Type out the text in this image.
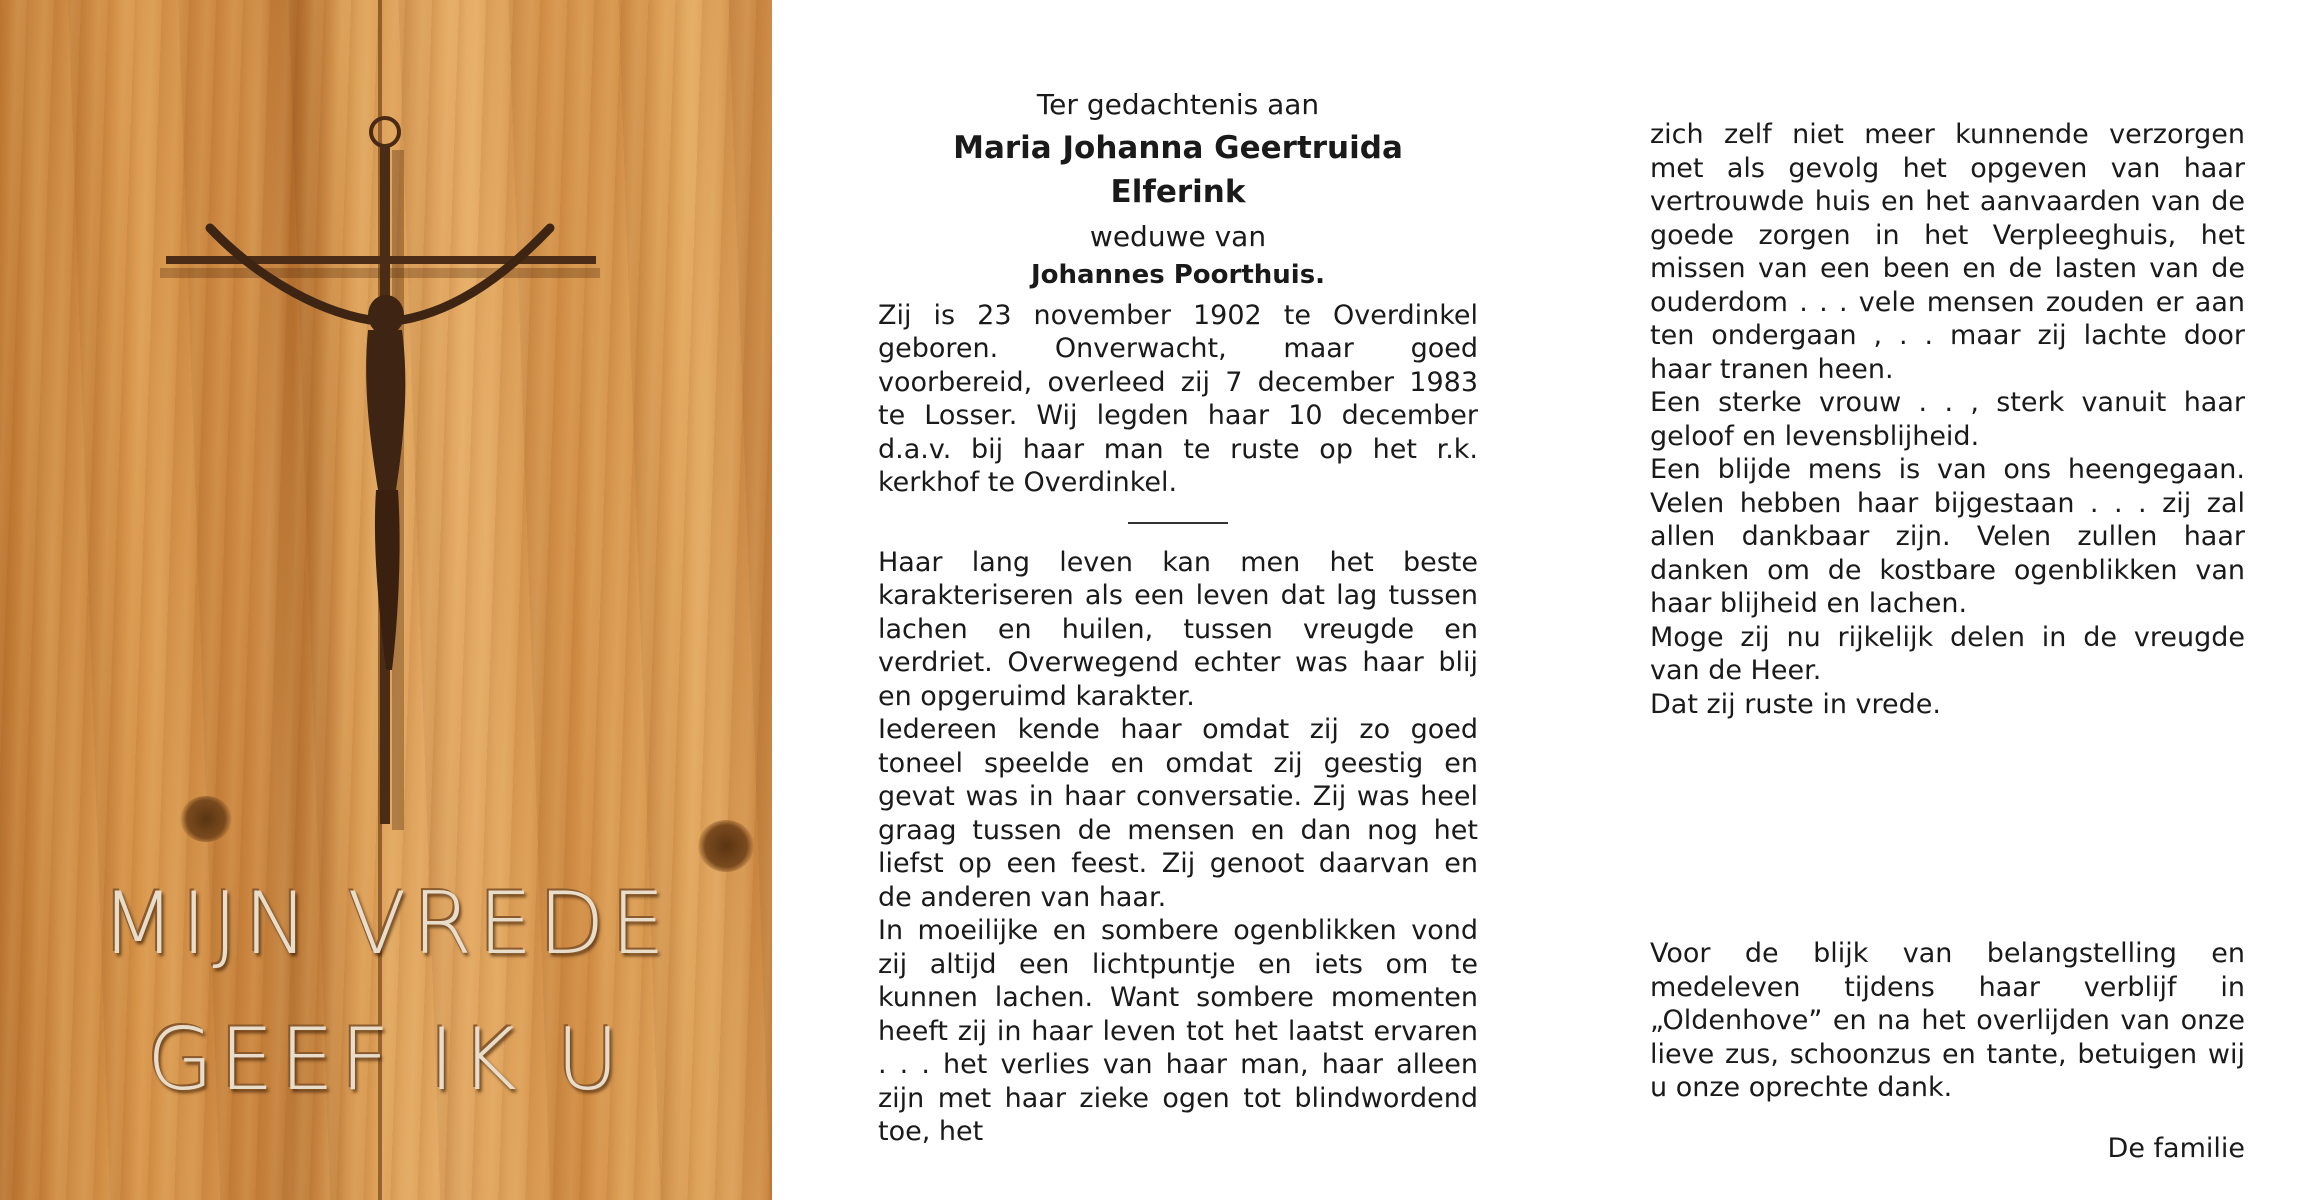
MIJN VREDE
GEEF IK U
Ter gedachtenis aan
Maria Johanna Geertruida
Elferink
weduwe van
Johannes Poorthuis.

Zij is 23 november 1902 te Overdinkel geboren. Onverwacht, maar goed voorbereid, overleed zij 7 december 1983 te Losser. Wij legden haar 10 december d.a.v. bij haar man te ruste op het r.k. kerkhof te Overdinkel.

Haar lang leven kan men het beste karakteriseren als een leven dat lag tussen lachen en huilen, tussen vreugde en verdriet. Overwegend echter was haar blij en opgeruimd karakter.

Iedereen kende haar omdat zij zo goed toneel speelde en omdat zij geestig en gevat was in haar conversatie. Zij was heel graag tussen de mensen en dan nog het liefst op een feest. Zij genoot daarvan en de anderen van haar.

In moeilijke en sombere ogenblikken vond zij altijd een lichtpuntje en iets om te kunnen lachen. Want sombere momenten heeft zij in haar leven tot het laatst ervaren . . . het verlies van haar man, haar alleen zijn met haar zieke ogen tot blindwordend toe, het

zich zelf niet meer kunnende verzorgen met als gevolg het opgeven van haar vertrouwde huis en het aanvaarden van de goede zorgen in het Verpleeghuis, het missen van een been en de lasten van de ouderdom . . . vele mensen zouden er aan ten ondergaan , . . maar zij lachte door haar tranen heen.

Een sterke vrouw . . , sterk vanuit haar geloof en levensblijheid.

Een blijde mens is van ons heengegaan. Velen hebben haar bijgestaan . . . zij zal allen dankbaar zijn. Velen zullen haar danken om de kostbare ogenblikken van haar blijheid en lachen.

Moge zij nu rijkelijk delen in de vreugde van de Heer.

Dat zij ruste in vrede.

Voor de blijk van belangstelling en medeleven tijdens haar verblijf in „Oldenhove” en na het overlijden van onze lieve zus, schoonzus en tante, betuigen wij u onze oprechte dank.

De familie
